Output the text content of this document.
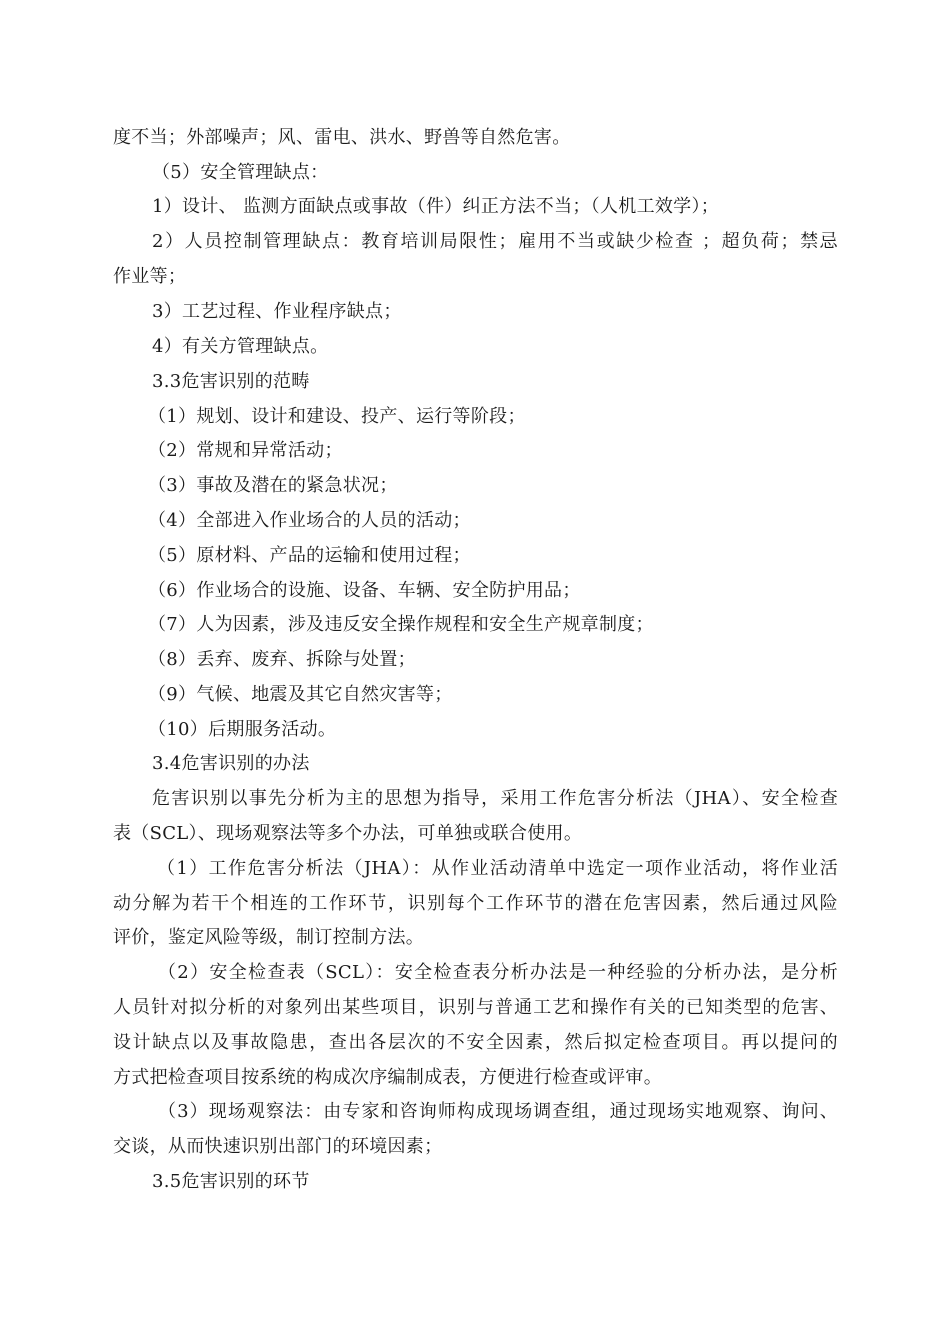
度不当；外部噪声；风、雷电、洪水、野兽等自然危害。
（5）安全管理缺点：
1）设计、 监测方面缺点或事故（件）纠正方法不当；（人机工效学）；
2）人员控制管理缺点：教育培训局限性；雇用不当或缺少检查 ；超负荷；禁忌
作业等；
3）工艺过程、作业程序缺点；
4）有关方管理缺点。
3.3危害识别的范畴
（1）规划、设计和建设、投产、运行等阶段；
（2）常规和异常活动；
（3）事故及潜在的紧急状况；
（4）全部进入作业场合的人员的活动；
（5）原材料、产品的运输和使用过程；
（6）作业场合的设施、设备、车辆、安全防护用品；
（7）人为因素，涉及违反安全操作规程和安全生产规章制度；
（8）丢弃、废弃、拆除与处置；
（9）气候、地震及其它自然灾害等；
（10）后期服务活动。
3.4危害识别的办法
危害识别以事先分析为主的思想为指导，采用工作危害分析法（JHA）、安全检查
表（SCL）、现场观察法等多个办法，可单独或联合使用。
（1）工作危害分析法（JHA）：从作业活动清单中选定一项作业活动，将作业活
动分解为若干个相连的工作环节，识别每个工作环节的潜在危害因素，然后通过风险
评价，鉴定风险等级，制订控制方法。
（2）安全检查表（SCL）：安全检查表分析办法是一种经验的分析办法，是分析
人员针对拟分析的对象列出某些项目，识别与普通工艺和操作有关的已知类型的危害、
设计缺点以及事故隐患，查出各层次的不安全因素，然后拟定检查项目。再以提问的
方式把检查项目按系统的构成次序编制成表，方便进行检查或评审。
（3）现场观察法：由专家和咨询师构成现场调查组，通过现场实地观察、询问、
交谈，从而快速识别出部门的环境因素；
3.5危害识别的环节
